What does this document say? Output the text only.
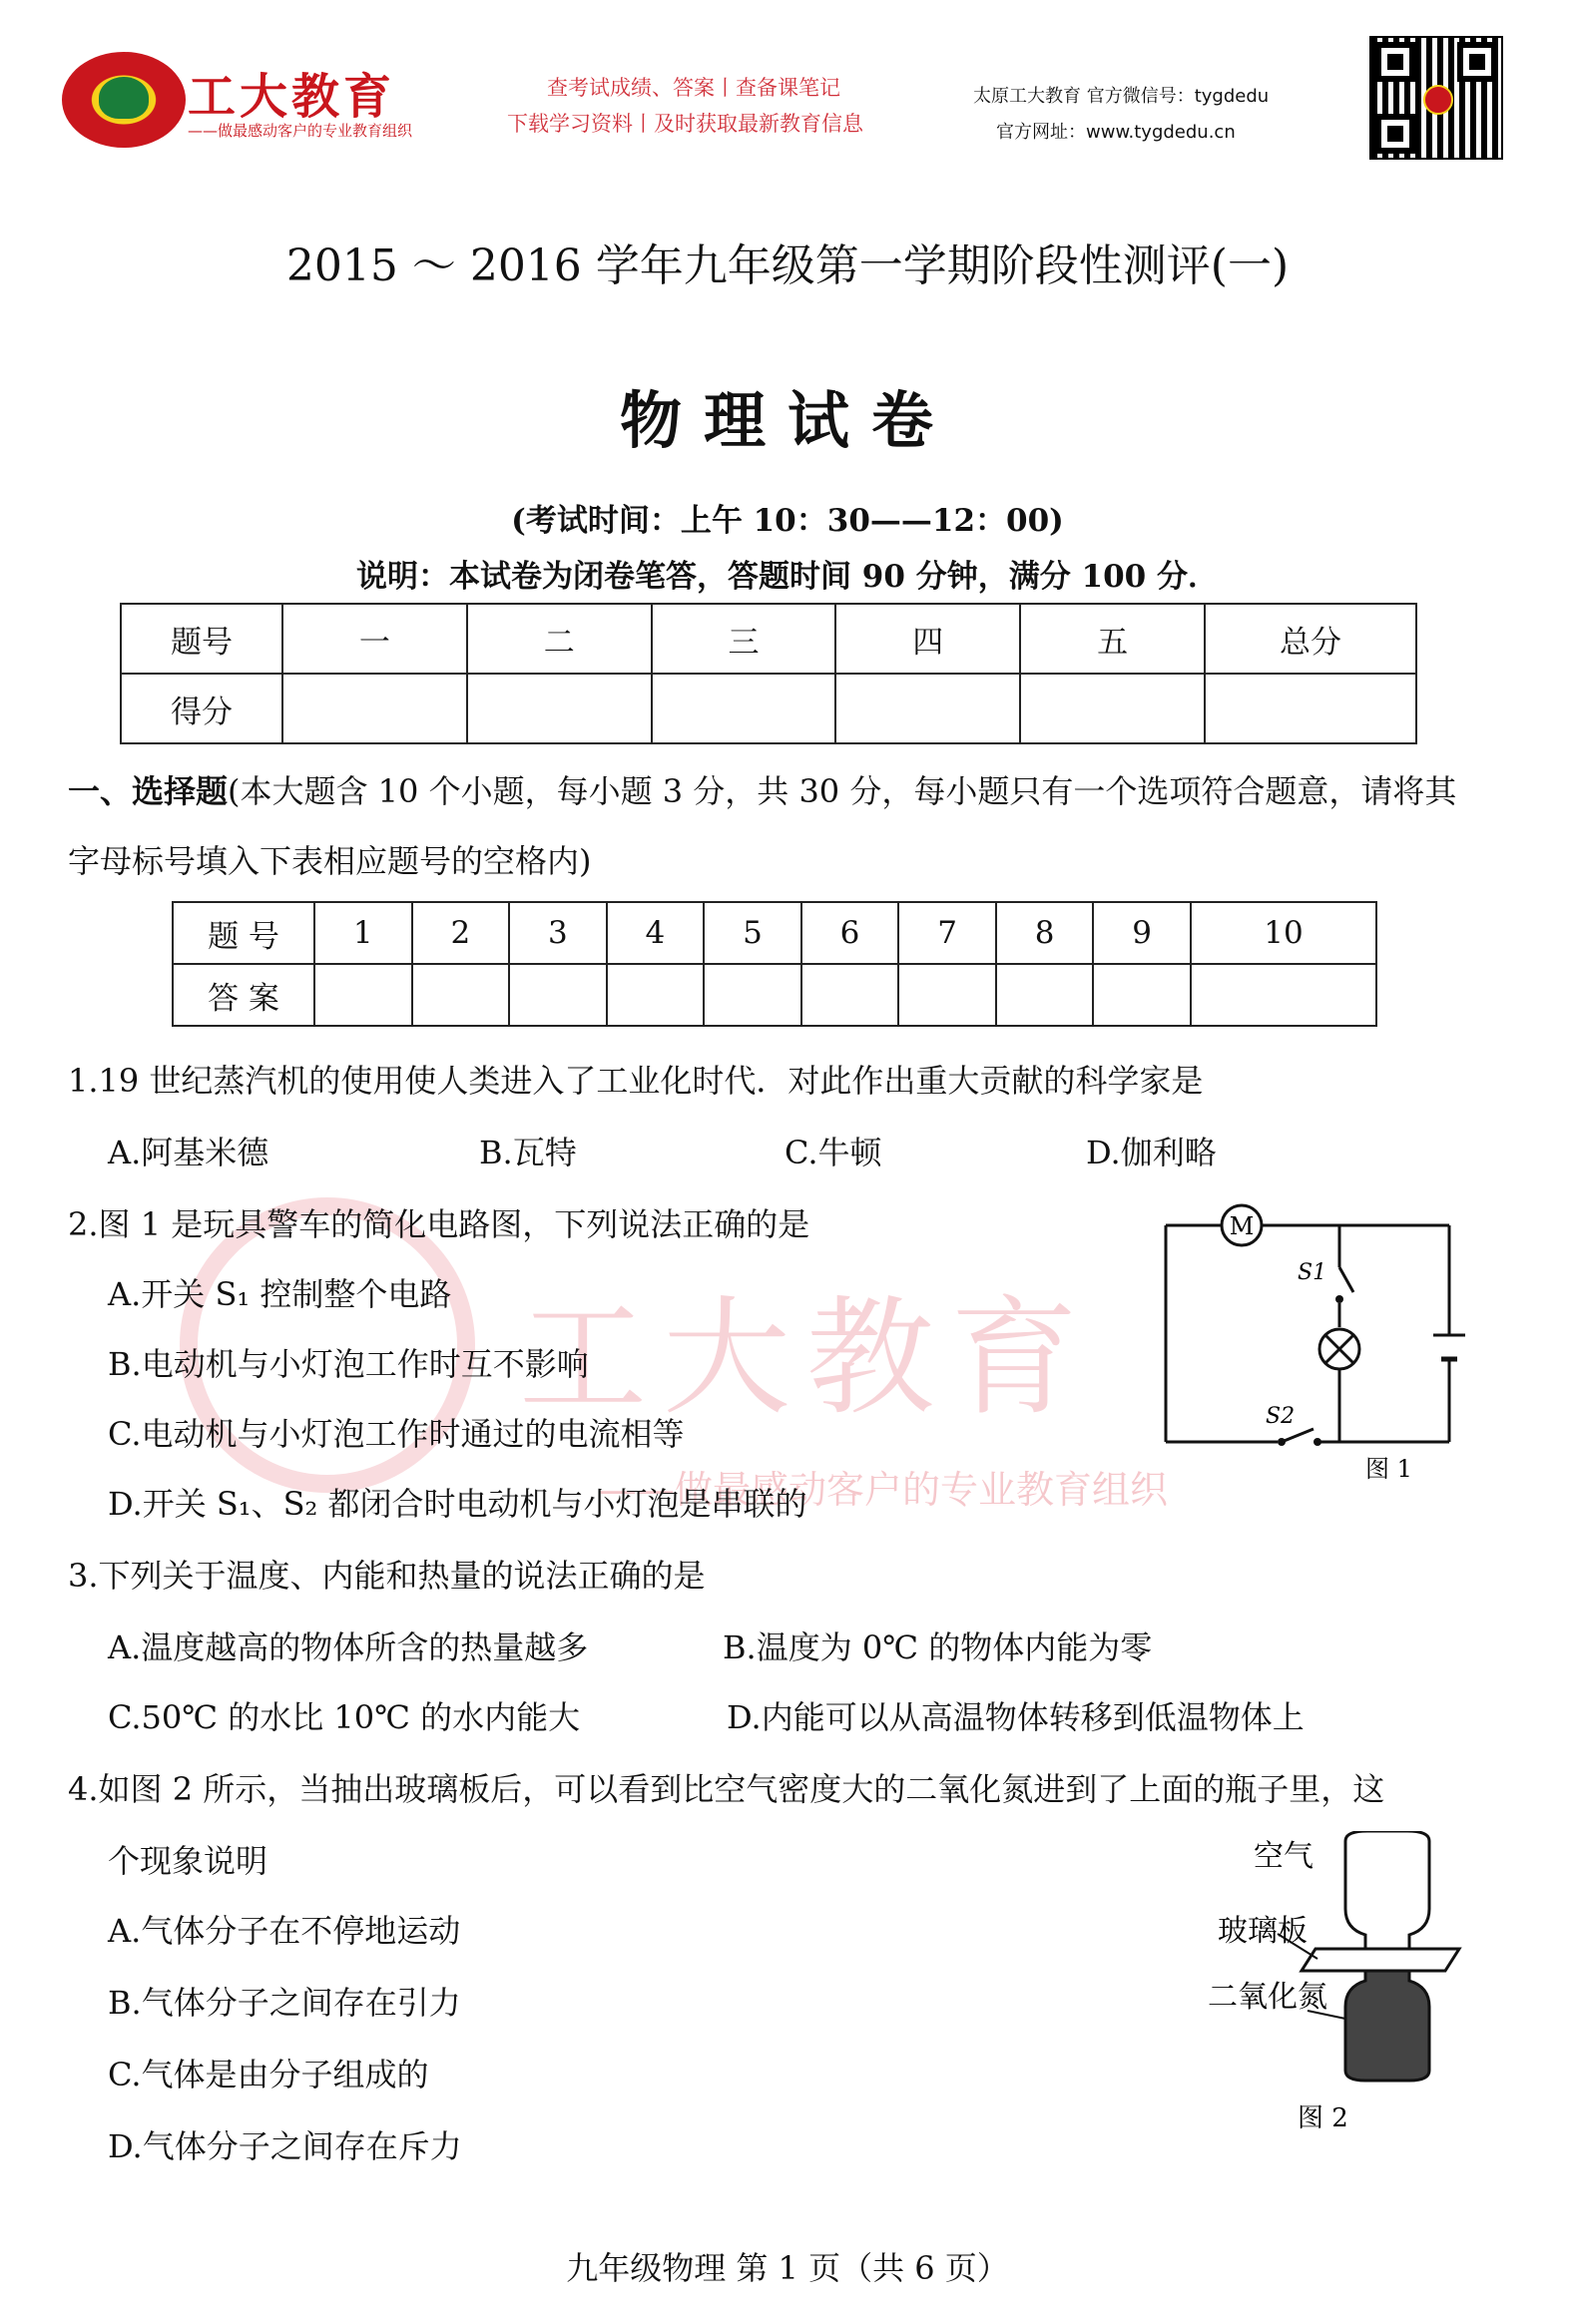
工大教育
——做最感动客户的专业教育组织
查考试成绩、答案丨查备课笔记
下载学习资料丨及时获取最新教育信息
太原工大教育 官方微信号：tygdedu
官方网址：www.tygdedu.cn
工大教育
——做最感动客户的专业教育组织
2015 ～ 2016 学年九年级第一学期阶段性测评(一)
物理试卷
(考试时间：上午 10：30——12：00)
说明：本试卷为闭卷笔答，答题时间 90 分钟，满分 100 分．
题号	一	二	三	四	五	总分
得分						
一、选择题(本大题含 10 个小题，每小题 3 分，共 30 分，每小题只有一个选项符合题意，请将其
字母标号填入下表相应题号的空格内)
题 号	1	2	3	4	5	6	7	8	9	10
答 案										
1.19 世纪蒸汽机的使用使人类进入了工业化时代．对此作出重大贡献的科学家是
A.阿基米德	B.瓦特	C.牛顿	D.伽利略
2.图 1 是玩具警车的简化电路图，下列说法正确的是
A.开关 S₁ 控制整个电路
B.电动机与小灯泡工作时互不影响
C.电动机与小灯泡工作时通过的电流相等
D.开关 S₁、S₂ 都闭合时电动机与小灯泡是串联的
M
S1
S2
图 1
3.下列关于温度、内能和热量的说法正确的是
A.温度越高的物体所含的热量越多	B.温度为 0℃ 的物体内能为零
C.50℃ 的水比 10℃ 的水内能大	D.内能可以从高温物体转移到低温物体上
4.如图 2 所示，当抽出玻璃板后，可以看到比空气密度大的二氧化氮进到了上面的瓶子里，这
个现象说明
A.气体分子在不停地运动
B.气体分子之间存在引力
C.气体是由分子组成的
D.气体分子之间存在斥力
空气
玻璃板
二氧化氮
图 2
九年级物理 第 1 页（共 6 页）
